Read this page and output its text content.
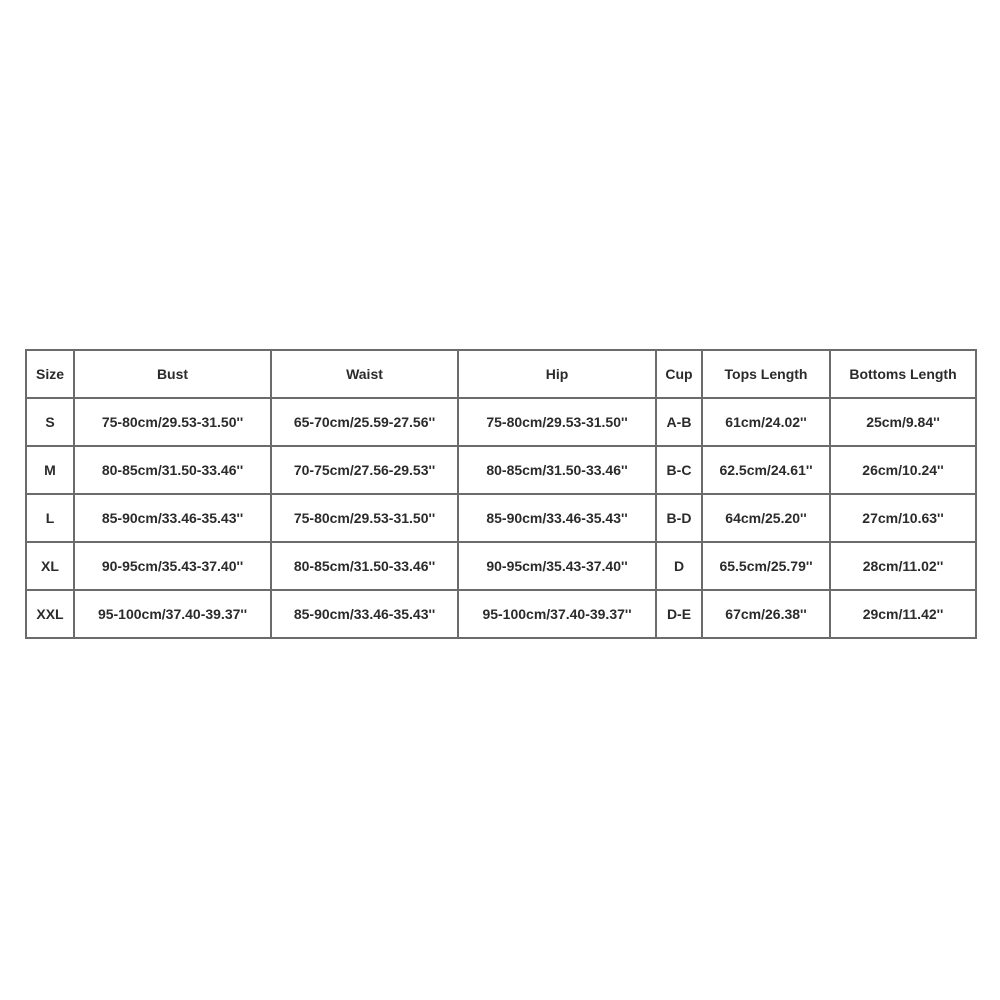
Size	Bust	Waist	Hip	Cup	Tops Length	Bottoms Length
S	75-80cm/29.53-31.50''	65-70cm/25.59-27.56''	75-80cm/29.53-31.50''	A-B	61cm/24.02''	25cm/9.84''
M	80-85cm/31.50-33.46''	70-75cm/27.56-29.53''	80-85cm/31.50-33.46''	B-C	62.5cm/24.61''	26cm/10.24''
L	85-90cm/33.46-35.43''	75-80cm/29.53-31.50''	85-90cm/33.46-35.43''	B-D	64cm/25.20''	27cm/10.63''
XL	90-95cm/35.43-37.40''	80-85cm/31.50-33.46''	90-95cm/35.43-37.40''	D	65.5cm/25.79''	28cm/11.02''
XXL	95-100cm/37.40-39.37''	85-90cm/33.46-35.43''	95-100cm/37.40-39.37''	D-E	67cm/26.38''	29cm/11.42''
